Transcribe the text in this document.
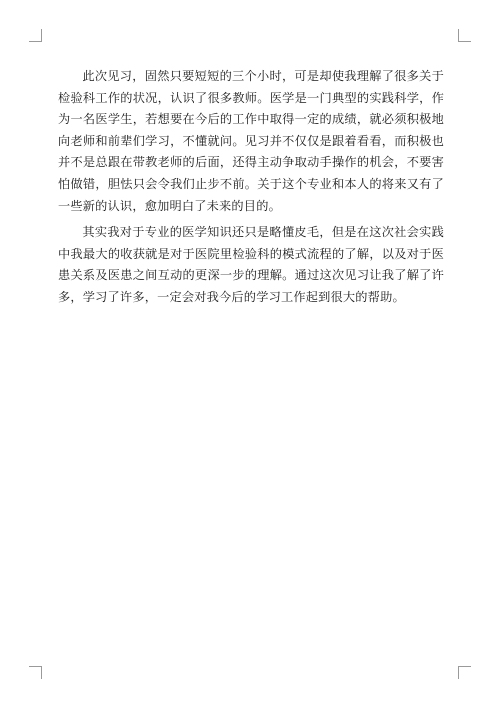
此次见习，固然只要短短的三个小时，可是却使我理解了很多关于检验科工作的状况，认识了很多教师。医学是一门典型的实践科学，作为一名医学生，若想要在今后的工作中取得一定的成绩，就必须积极地向老师和前辈们学习，不懂就问。见习并不仅仅是跟着看看，而积极也并不是总跟在带教老师的后面，还得主动争取动手操作的机会，不要害怕做错，胆怯只会令我们止步不前。关于这个专业和本人的将来又有了一些新的认识，愈加明白了未来的目的。

其实我对于专业的医学知识还只是略懂皮毛，但是在这次社会实践中我最大的收获就是对于医院里检验科的模式流程的了解，以及对于医患关系及医患之间互动的更深一步的理解。通过这次见习让我了解了许多，学习了许多，一定会对我今后的学习工作起到很大的帮助。
